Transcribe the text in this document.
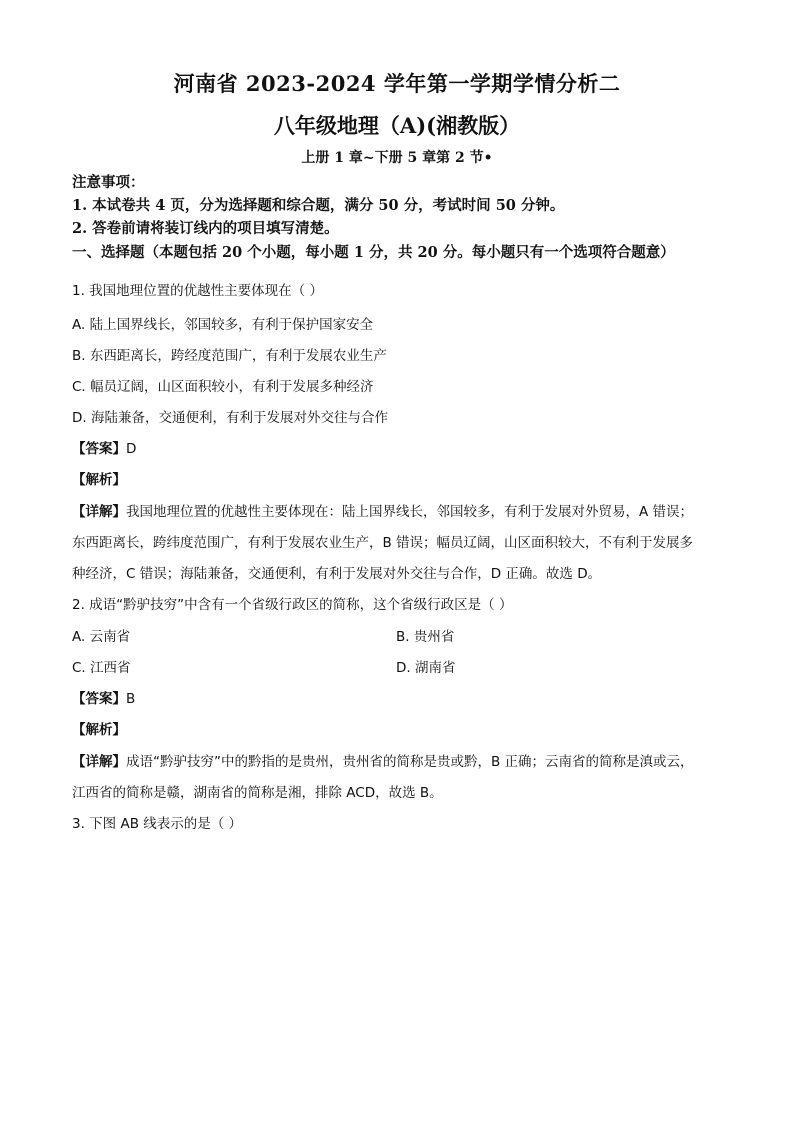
河南省 2023-2024 学年第一学期学情分析二
八年级地理（A)(湘教版）
上册 1 章~下册 5 章第 2 节•
注意事项：
1. 本试卷共 4 页，分为选择题和综合题，满分 50 分，考试时间 50 分钟。
2. 答卷前请将装订线内的项目填写清楚。
一、选择题（本题包括 20 个小题，每小题 1 分，共 20 分。每小题只有一个选项符合题意）
1. 我国地理位置的优越性主要体现在（ ）
A. 陆上国界线长，邻国较多，有利于保护国家安全
B. 东西距离长，跨经度范围广，有利于发展农业生产
C. 幅员辽阔，山区面积较小，有利于发展多种经济
D. 海陆兼备，交通便利，有利于发展对外交往与合作
【答案】D
【解析】
【详解】我国地理位置的优越性主要体现在：陆上国界线长，邻国较多，有利于发展对外贸易，A 错误；
东西距离长，跨纬度范围广，有利于发展农业生产，B 错误；幅员辽阔，山区面积较大，不有利于发展多
种经济，C 错误；海陆兼备，交通便利，有利于发展对外交往与合作，D 正确。故选 D。
2. 成语“黔驴技穷”中含有一个省级行政区的简称，这个省级行政区是（ ）
A. 云南省	B. 贵州省
C. 江西省	D. 湖南省
【答案】B
【解析】
【详解】成语“黔驴技穷”中的黔指的是贵州，贵州省的简称是贵或黔，B 正确；云南省的简称是滇或云，
江西省的简称是赣，湖南省的简称是湘，排除 ACD，故选 B。
3. 下图 AB 线表示的是（ ）
